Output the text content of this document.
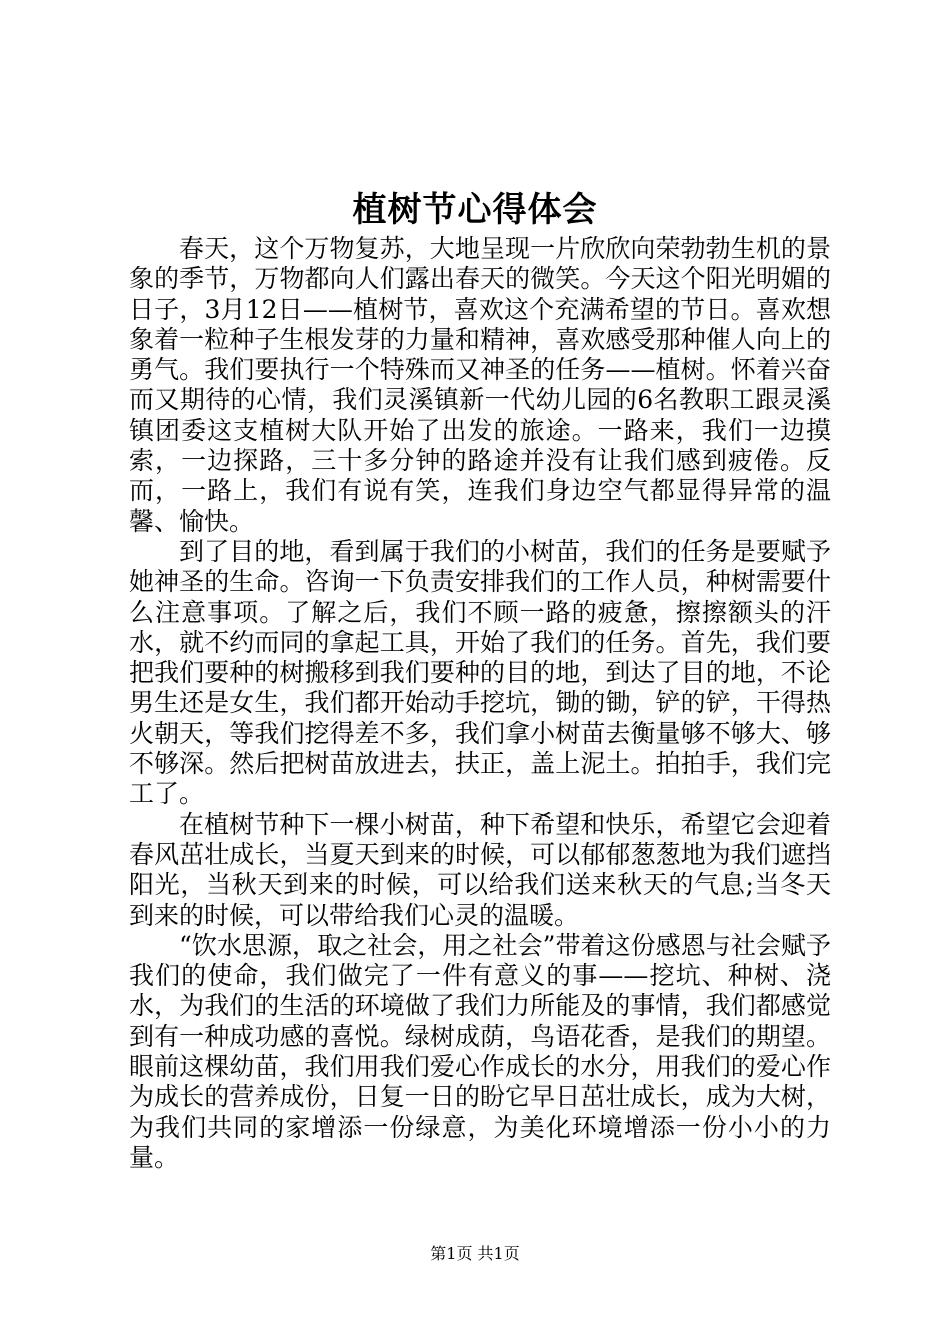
植树节心得体会

春天，这个万物复苏，大地呈现一片欣欣向荣勃勃生机的景象的季节，万物都向人们露出春天的微笑。今天这个阳光明媚的日子，3月12日——植树节，喜欢这个充满希望的节日。喜欢想象着一粒种子生根发芽的力量和精神，喜欢感受那种催人向上的勇气。我们要执行一个特殊而又神圣的任务——植树。怀着兴奋而又期待的心情，我们灵溪镇新一代幼儿园的6名教职工跟灵溪镇团委这支植树大队开始了出发的旅途。一路来，我们一边摸索，一边探路，三十多分钟的路途并没有让我们感到疲倦。反而，一路上，我们有说有笑，连我们身边空气都显得异常的温馨、愉快。

到了目的地，看到属于我们的小树苗，我们的任务是要赋予她神圣的生命。咨询一下负责安排我们的工作人员，种树需要什么注意事项。了解之后，我们不顾一路的疲惫，擦擦额头的汗水，就不约而同的拿起工具，开始了我们的任务。首先，我们要把我们要种的树搬移到我们要种的目的地，到达了目的地，不论男生还是女生，我们都开始动手挖坑，锄的锄，铲的铲，干得热火朝天，等我们挖得差不多，我们拿小树苗去衡量够不够大、够不够深。然后把树苗放进去，扶正，盖上泥土。拍拍手，我们完工了。

在植树节种下一棵小树苗，种下希望和快乐，希望它会迎着春风茁壮成长，当夏天到来的时候，可以郁郁葱葱地为我们遮挡阳光，当秋天到来的时候，可以给我们送来秋天的气息;当冬天到来的时候，可以带给我们心灵的温暖。

“饮水思源，取之社会，用之社会”带着这份感恩与社会赋予我们的使命，我们做完了一件有意义的事——挖坑、种树、浇水，为我们的生活的环境做了我们力所能及的事情，我们都感觉到有一种成功感的喜悦。绿树成荫，鸟语花香，是我们的期望。眼前这棵幼苗，我们用我们爱心作成长的水分，用我们的爱心作为成长的营养成份，日复一日的盼它早日茁壮成长，成为大树，为我们共同的家增添一份绿意，为美化环境增添一份小小的力量。

第1页 共1页
